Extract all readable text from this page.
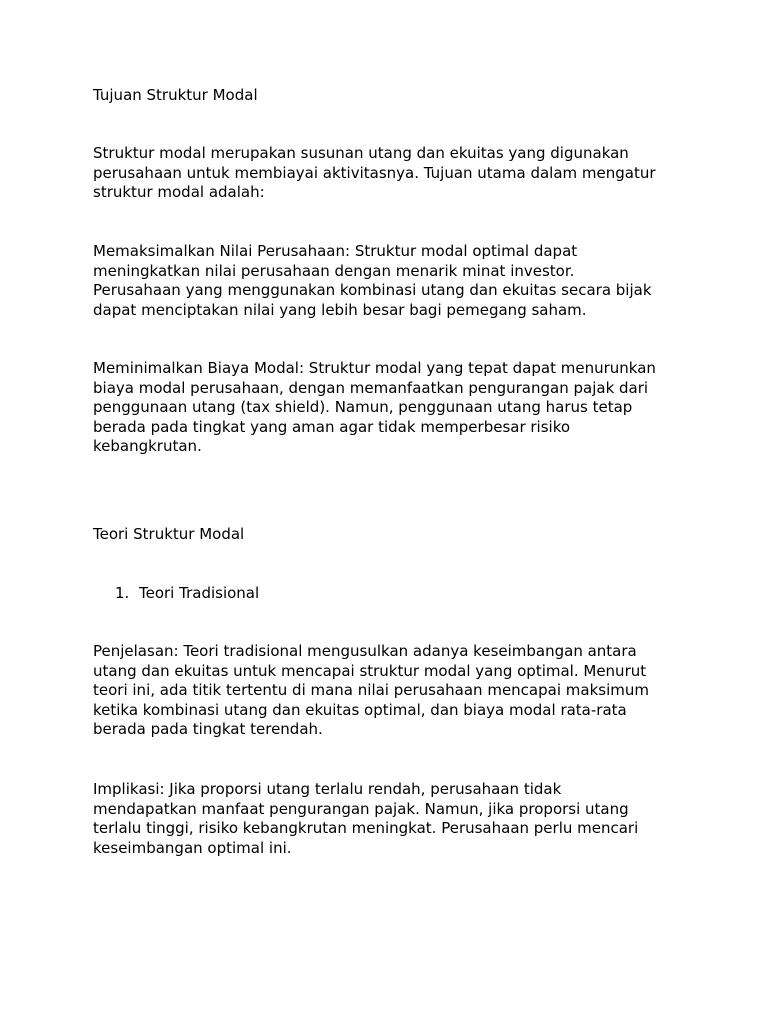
Tujuan Struktur Modal
Struktur modal merupakan susunan utang dan ekuitas yang digunakan
perusahaan untuk membiayai aktivitasnya. Tujuan utama dalam mengatur
struktur modal adalah:
Memaksimalkan Nilai Perusahaan: Struktur modal optimal dapat
meningkatkan nilai perusahaan dengan menarik minat investor.
Perusahaan yang menggunakan kombinasi utang dan ekuitas secara bijak
dapat menciptakan nilai yang lebih besar bagi pemegang saham.
Meminimalkan Biaya Modal: Struktur modal yang tepat dapat menurunkan
biaya modal perusahaan, dengan memanfaatkan pengurangan pajak dari
penggunaan utang (tax shield). Namun, penggunaan utang harus tetap
berada pada tingkat yang aman agar tidak memperbesar risiko
kebangkrutan.
Teori Struktur Modal
1. Teori Tradisional
Penjelasan: Teori tradisional mengusulkan adanya keseimbangan antara
utang dan ekuitas untuk mencapai struktur modal yang optimal. Menurut
teori ini, ada titik tertentu di mana nilai perusahaan mencapai maksimum
ketika kombinasi utang dan ekuitas optimal, dan biaya modal rata-rata
berada pada tingkat terendah.
Implikasi: Jika proporsi utang terlalu rendah, perusahaan tidak
mendapatkan manfaat pengurangan pajak. Namun, jika proporsi utang
terlalu tinggi, risiko kebangkrutan meningkat. Perusahaan perlu mencari
keseimbangan optimal ini.
